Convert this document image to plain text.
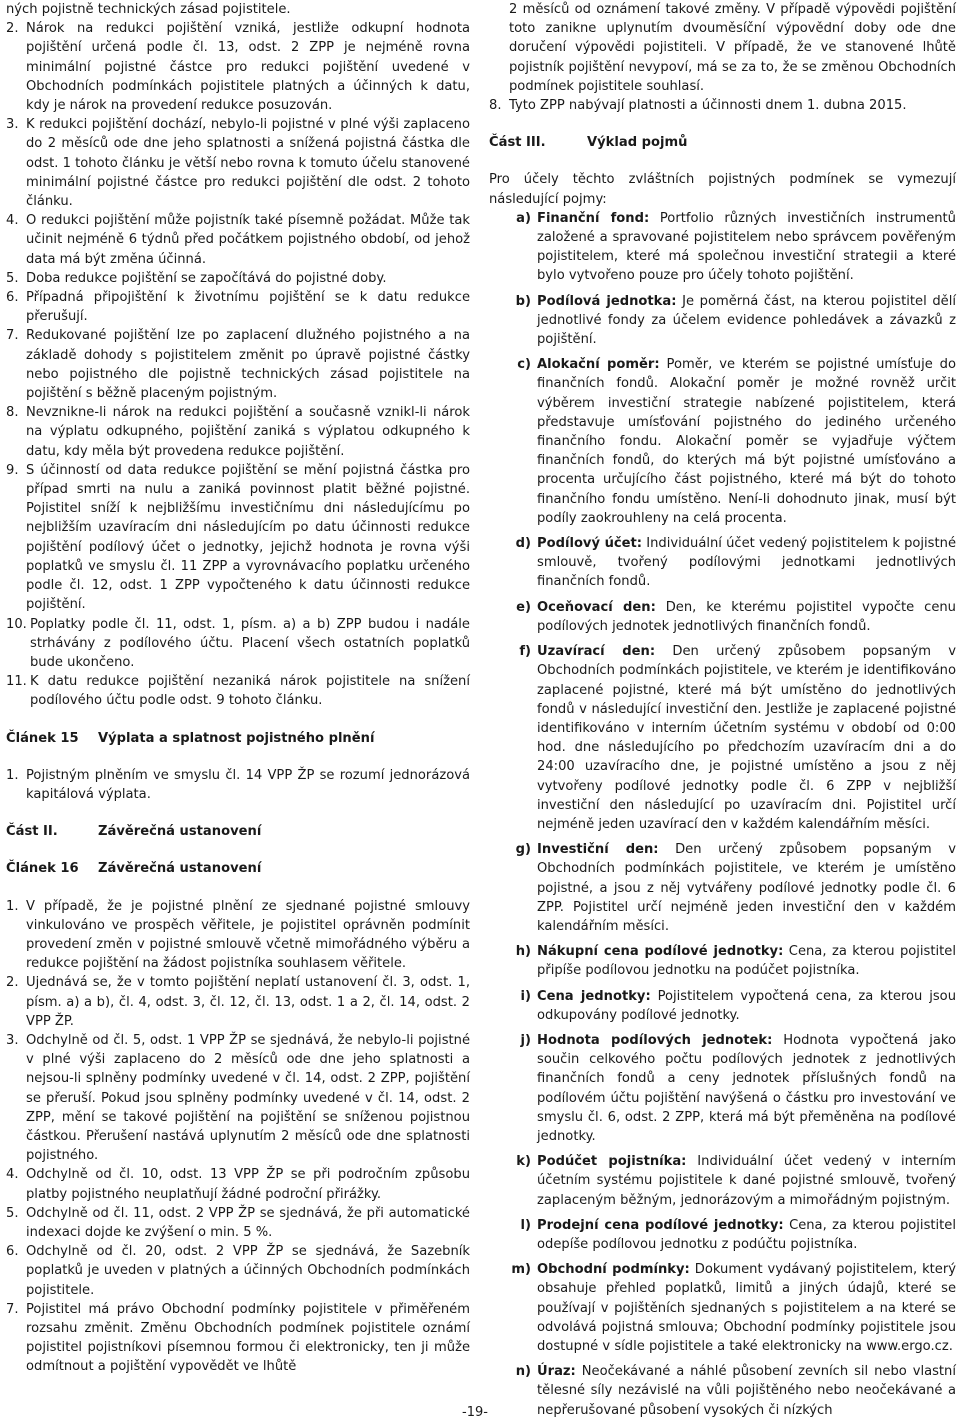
ných pojistně technických zásad pojistitele.

2. Nárok na redukci pojištění vzniká, jestliže odkupní hodnota pojištění určená podle čl. 13, odst. 2 ZPP je nejméně rovna minimální pojistné částce pro redukci pojištění uvedené v Obchodních podmínkách pojistitele platných a účinných k datu, kdy je nárok na provedení redukce posuzován.
3. K redukci pojištění dochází, nebylo-li pojistné v plné výši zaplaceno do 2 měsíců ode dne jeho splatnosti a snížená pojistná částka dle odst. 1 tohoto článku je větší nebo rovna k tomuto účelu stanovené minimální pojistné částce pro redukci pojištění dle odst. 2 tohoto článku.
4. O redukci pojištění může pojistník také písemně požádat. Může tak učinit nejméně 6 týdnů před počátkem pojistného období, od jehož data má být změna účinná.
5. Doba redukce pojištění se započítává do pojistné doby.
6. Případná připojištění k životnímu pojištění se k datu redukce přerušují.
7. Redukované pojištění lze po zaplacení dlužného pojistného a na základě dohody s pojistitelem změnit po úpravě pojistné částky nebo pojistného dle pojistně technických zásad pojistitele na pojištění s běžně placeným pojistným.
8. Nevznikne-li nárok na redukci pojištění a současně vznikl-li nárok na výplatu odkupného, pojištění zaniká s výplatou odkupného k datu, kdy měla být provedena redukce pojištění.
9. S účinností od data redukce pojištění se mění pojistná částka pro případ smrti na nulu a zaniká povinnost platit běžné pojistné. Pojistitel sníží k nejbližšímu investičnímu dni následujícímu po nejbližším uzavíracím dni následujícím po datu účinnosti redukce pojištění podílový účet o jednotky, jejichž hodnota je rovna výši poplatků ve smyslu čl. 11 ZPP a vyrovnávacího poplatku určeného podle čl. 12, odst. 1 ZPP vypočteného k datu účinnosti redukce pojištění.
10. Poplatky podle čl. 11, odst. 1, písm. a) a b) ZPP budou i nadále strhávány z podílového účtu. Placení všech ostatních poplatků bude ukončeno.
11. K datu redukce pojištění nezaniká nárok pojistitele na snížení podílového účtu podle odst. 9 tohoto článku.
Článek 15	Výplata a splatnost pojistného plnění
1. Pojistným plněním ve smyslu čl. 14 VPP ŽP se rozumí jednorázová kapitálová výplata.
Část II.	Závěrečná ustanovení
Článek 16	Závěrečná ustanovení
1. V případě, že je pojistné plnění ze sjednané pojistné smlouvy vinkulováno ve prospěch věřitele, je pojistitel oprávněn podmínit provedení změn v pojistné smlouvě včetně mimořádného výběru a redukce pojištění na žádost pojistníka souhlasem věřitele.
2. Ujednává se, že v tomto pojištění neplatí ustanovení čl. 3, odst. 1, písm. a) a b), čl. 4, odst. 3, čl. 12, čl. 13, odst. 1 a 2, čl. 14, odst. 2 VPP ŽP.
3. Odchylně od čl. 5, odst. 1 VPP ŽP se sjednává, že nebylo-li pojistné v plné výši zaplaceno do 2 měsíců ode dne jeho splatnosti a nejsou-li splněny podmínky uvedené v čl. 14, odst. 2 ZPP, pojištění se přeruší. Pokud jsou splněny podmínky uvedené v čl. 14, odst. 2 ZPP, mění se takové pojištění na pojištění se sníženou pojistnou částkou. Přerušení nastává uplynutím 2 měsíců ode dne splatnosti pojistného.
4. Odchylně od čl. 10, odst. 13 VPP ŽP se při področním způsobu platby pojistného neuplatňují žádné področní přirážky.
5. Odchylně od čl. 11, odst. 2 VPP ŽP se sjednává, že při automatické indexaci dojde ke zvýšení o min. 5 %.
6. Odchylně od čl. 20, odst. 2 VPP ŽP se sjednává, že Sazebník poplatků je uveden v platných a účinných Obchodních podmínkách pojistitele.
7. Pojistitel má právo Obchodní podmínky pojistitele v přiměřeném rozsahu změnit. Změnu Obchodních podmínek pojistitele oznámí pojistitel pojistníkovi písemnou formou či elektronicky, ten ji může odmítnout a pojištění vypovědět ve lhůtě

2 měsíců od oznámení takové změny. V případě výpovědi pojištění toto zanikne uplynutím dvouměsíční výpovědní doby ode dne doručení výpovědi pojistiteli. V případě, že ve stanovené lhůtě pojistník pojištění nevypoví, má se za to, že se změnou Obchodních podmínek pojistitele souhlasí.

8. Tyto ZPP nabývají platnosti a účinnosti dnem 1. dubna 2015.
Část III.	Výklad pojmů

Pro účely těchto zvláštních pojistných podmínek se vymezují následující pojmy:

a) Finanční fond: Portfolio různých investičních instrumentů založené a spravované pojistitelem nebo správcem pověřeným pojistitelem, které má společnou investiční strategii a které bylo vytvořeno pouze pro účely tohoto pojištění.
b) Podílová jednotka: Je poměrná část, na kterou pojistitel dělí jednotlivé fondy za účelem evidence pohledávek a závazků z pojištění.
c) Alokační poměr: Poměr, ve kterém se pojistné umísťuje do finančních fondů. Alokační poměr je možné rovněž určit výběrem investiční strategie nabízené pojistitelem, která představuje umísťování pojistného do jediného určeného finančního fondu. Alokační poměr se vyjadřuje výčtem finančních fondů, do kterých má být pojistné umísťováno a procenta určujícího část pojistného, které má být do tohoto finančního fondu umístěno. Není-li dohodnuto jinak, musí být podíly zaokrouhleny na celá procenta.
d) Podílový účet: Individuální účet vedený pojistitelem k pojistné smlouvě, tvořený podílovými jednotkami jednotlivých finančních fondů.
e) Oceňovací den: Den, ke kterému pojistitel vypočte cenu podílových jednotek jednotlivých finančních fondů.
f) Uzavírací den: Den určený způsobem popsaným v Obchodních podmínkách pojistitele, ve kterém je identifikováno zaplacené pojistné, které má být umístěno do jednotlivých fondů v následující investiční den. Jestliže je zaplacené pojistné identifikováno v interním účetním systému v období od 0:00 hod. dne následujícího po předchozím uzavíracím dni a do 24:00 uzavíracího dne, je pojistné umístěno a jsou z něj vytvořeny podílové jednotky podle čl. 6 ZPP v nejbližší investiční den následující po uzavíracím dni. Pojistitel určí nejméně jeden uzavírací den v každém kalendářním měsíci.
g) Investiční den: Den určený způsobem popsaným v Obchodních podmínkách pojistitele, ve kterém je umístěno pojistné, a jsou z něj vytvářeny podílové jednotky podle čl. 6 ZPP. Pojistitel určí nejméně jeden investiční den v každém kalendářním měsíci.
h) Nákupní cena podílové jednotky: Cena, za kterou pojistitel připíše podílovou jednotku na podúčet pojistníka.
i) Cena jednotky: Pojistitelem vypočtená cena, za kterou jsou odkupovány podílové jednotky.
j) Hodnota podílových jednotek: Hodnota vypočtená jako součin celkového počtu podílových jednotek z jednotlivých finančních fondů a ceny jednotek příslušných fondů na podílovém účtu pojištění navýšená o částku pro investování ve smyslu čl. 6, odst. 2 ZPP, která má být přeměněna na podílové jednotky.
k) Podúčet pojistníka: Individuální účet vedený v interním účetním systému pojistitele k dané pojistné smlouvě, tvořený zaplaceným běžným, jednorázovým a mimořádným pojistným.
l) Prodejní cena podílové jednotky: Cena, za kterou pojistitel odepíše podílovou jednotku z podúčtu pojistníka.
m) Obchodní podmínky: Dokument vydávaný pojistitelem, který obsahuje přehled poplatků, limitů a jiných údajů, které se používají v pojištěních sjednaných s pojistitelem a na které se odvolává pojistná smlouva; Obchodní podmínky pojistitele jsou dostupné v sídle pojistitele a také elektronicky na www.ergo.cz.
n) Úraz: Neočekávané a náhlé působení zevních sil nebo vlastní tělesné síly nezávislé na vůli pojištěného nebo neočekávané a nepřerušované působení vysokých či nízkých
-19-
